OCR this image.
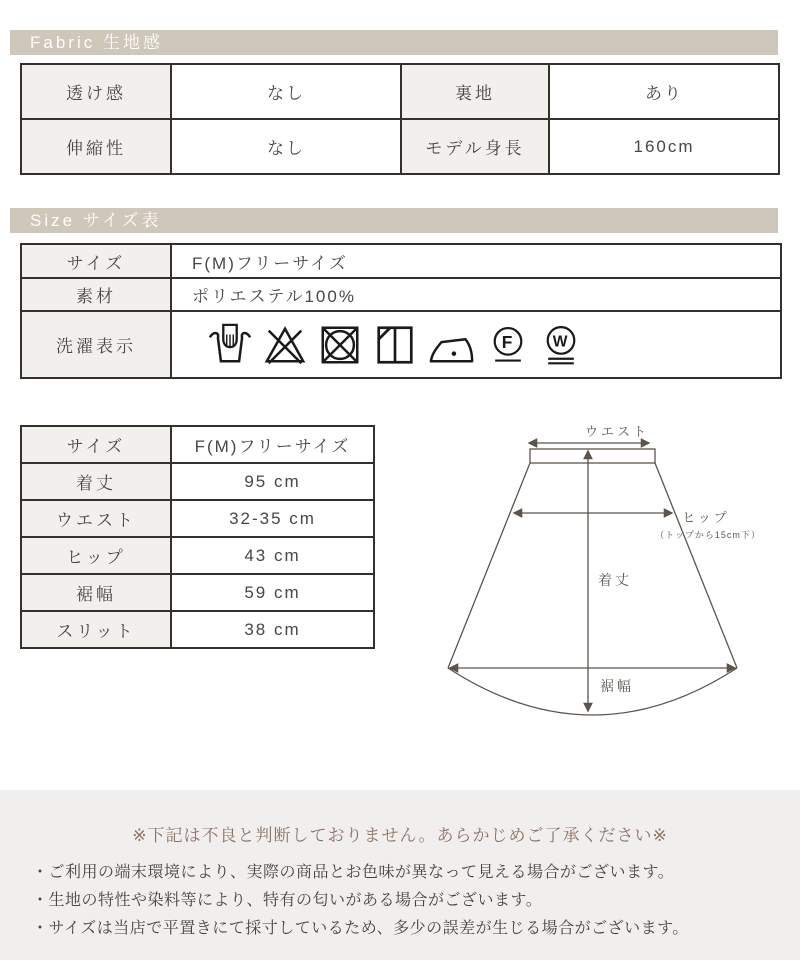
Fabric 生地感
透け感	なし	裏地	あり
伸縮性	なし	モデル身長	160cm
Size サイズ表
サイズ	F(M)フリーサイズ
素材	ポリエステル100%
洗濯表示	F W
サイズ	F(M)フリーサイズ
着丈	95 cm
ウエスト	32-35 cm
ヒップ	43 cm
裾幅	59 cm
スリット	38 cm
ウエスト
ヒップ
（トップから15cm下）
着丈
裾幅
※下記は不良と判断しておりません。あらかじめご了承ください※
・ご利用の端末環境により、実際の商品とお色味が異なって見える場合がございます。
・生地の特性や染料等により、特有の匂いがある場合がございます。
・サイズは当店で平置きにて採寸しているため、多少の誤差が生じる場合がございます。
